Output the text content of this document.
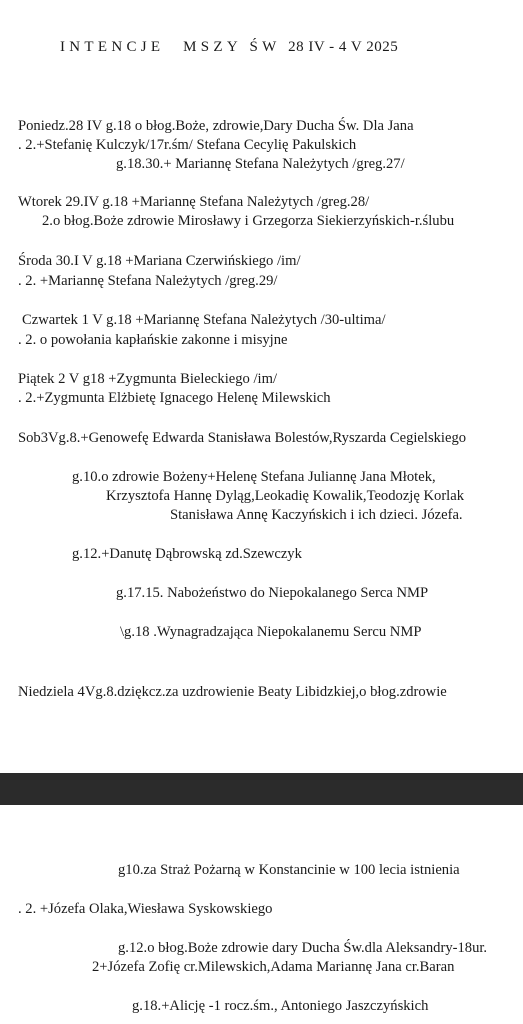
INTENCJE MSZY ŚW 28 IV - 4 V 2025
Poniedz.28 IV g.18 o błog.Boże, zdrowie,Dary Ducha Św. Dla Jana
. 2.+Stefanię Kulczyk/17r.śm/ Stefana Cecylię Pakulskich
g.18.30.+ Mariannę Stefana Należytych /greg.27/
Wtorek 29.IV g.18 +Mariannę Stefana Należytych /greg.28/
2.o błog.Boże zdrowie Mirosławy i Grzegorza Siekierzyńskich-r.ślubu
Środa 30.I V g.18 +Mariana Czerwińskiego /im/
. 2. +Mariannę Stefana Należytych /greg.29/
Czwartek 1 V g.18 +Mariannę Stefana Należytych /30-ultima/
. 2. o powołania kapłańskie zakonne i misyjne
Piątek 2 V g18 +Zygmunta Bieleckiego /im/
. 2.+Zygmunta Elżbietę Ignacego Helenę Milewskich
Sob3Vg.8.+Genowefę Edwarda Stanisława Bolestów,Ryszarda Cegielskiego
g.10.o zdrowie Bożeny+Helenę Stefana Juliannę Jana Młotek,
Krzysztofa Hannę Dyląg,Leokadię Kowalik,Teodozję Korlak
Stanisława Annę Kaczyńskich i ich dzieci. Józefa.
g.12.+Danutę Dąbrowską zd.Szewczyk
g.17.15. Nabożeństwo do Niepokalanego Serca NMP
\g.18 .Wynagradzająca Niepokalanemu Sercu NMP
Niedziela 4Vg.8.dziękcz.za uzdrowienie Beaty Libidzkiej,o błog.zdrowie
g10.za Straż Pożarną w Konstancinie w 100 lecia istnienia
. 2. +Józefa Olaka,Wiesława Syskowskiego
g.12.o błog.Boże zdrowie dary Ducha Św.dla Aleksandry-18ur.
2+Józefa Zofię cr.Milewskich,Adama Mariannę Jana cr.Baran
g.18.+Alicję -1 rocz.śm., Antoniego Jaszczyńskich
